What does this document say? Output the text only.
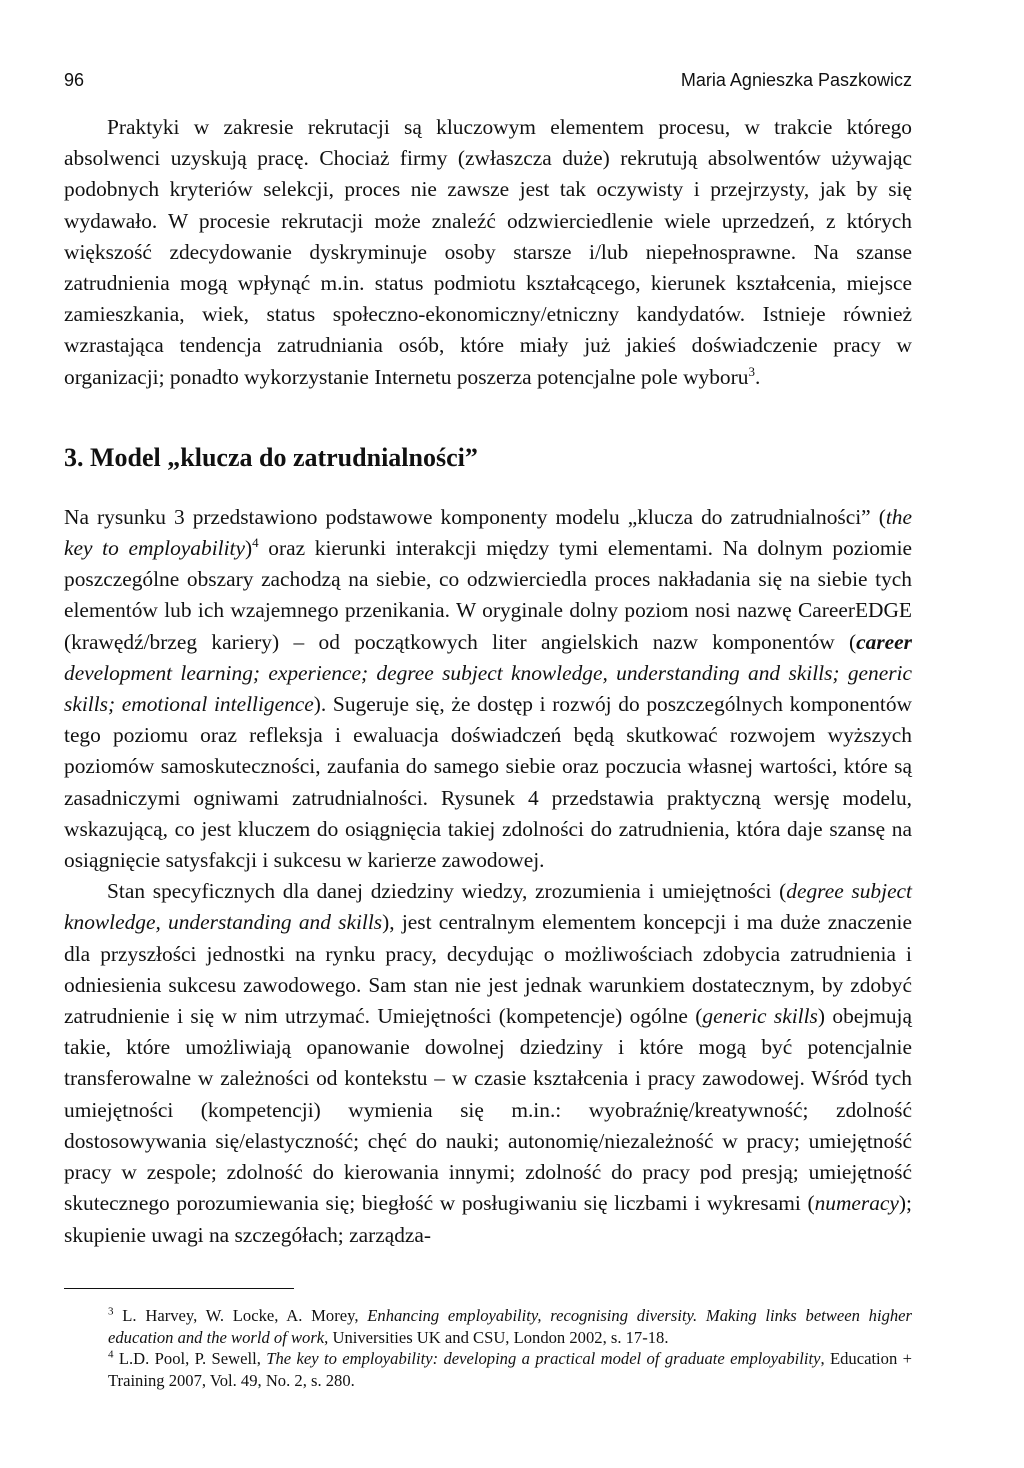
96	Maria Agnieszka Paszkowicz

Praktyki w zakresie rekrutacji są kluczowym elementem procesu, w trakcie którego absolwenci uzyskują pracę. Chociaż firmy (zwłaszcza duże) rekrutują absolwentów używając podobnych kryteriów selekcji, proces nie zawsze jest tak oczywisty i przejrzysty, jak by się wydawało. W procesie rekrutacji może znaleźć odzwierciedlenie wiele uprzedzeń, z których większość zdecydowanie dyskryminuje osoby starsze i/lub niepełnosprawne. Na szanse zatrudnienia mogą wpłynąć m.in. status podmiotu kształcącego, kierunek kształcenia, miejsce zamieszkania, wiek, status społeczno-ekonomiczny/etniczny kandydatów. Istnieje również wzrastająca tendencja zatrudniania osób, które miały już jakieś doświadczenie pracy w organizacji; ponadto wykorzystanie Internetu poszerza potencjalne pole wyboru$^3$.

3. Model „klucza do zatrudnialności”

Na rysunku 3 przedstawiono podstawowe komponenty modelu „klucza do zatrudnialności” (the key to employability)$^4$ oraz kierunki interakcji między tymi elementami. Na dolnym poziomie poszczególne obszary zachodzą na siebie, co odzwierciedla proces nakładania się na siebie tych elementów lub ich wzajemnego przenikania. W oryginale dolny poziom nosi nazwę CareerEDGE (krawędź/brzeg kariery) – od początkowych liter angielskich nazw komponentów (career development learning; experience; degree subject knowledge, understanding and skills; generic skills; emotional intelligence). Sugeruje się, że dostęp i rozwój do poszczególnych komponentów tego poziomu oraz refleksja i ewaluacja doświadczeń będą skutkować rozwojem wyższych poziomów samoskuteczności, zaufania do samego siebie oraz poczucia własnej wartości, które są zasadniczymi ogniwami zatrudnialności. Rysunek 4 przedstawia praktyczną wersję modelu, wskazującą, co jest kluczem do osiągnięcia takiej zdolności do zatrudnienia, która daje szansę na osiągnięcie satysfakcji i sukcesu w karierze zawodowej.

Stan specyficznych dla danej dziedziny wiedzy, zrozumienia i umiejętności (degree subject knowledge, understanding and skills), jest centralnym elementem koncepcji i ma duże znaczenie dla przyszłości jednostki na rynku pracy, decydując o możliwościach zdobycia zatrudnienia i odniesienia sukcesu zawodowego. Sam stan nie jest jednak warunkiem dostatecznym, by zdobyć zatrudnienie i się w nim utrzymać. Umiejętności (kompetencje) ogólne (generic skills) obejmują takie, które umożliwiają opanowanie dowolnej dziedziny i które mogą być potencjalnie transferowalne w zależności od kontekstu – w czasie kształcenia i pracy zawodowej. Wśród tych umiejętności (kompetencji) wymienia się m.in.: wyobraźnię/kreatywność; zdolność dostosowywania się/elastyczność; chęć do nauki; autonomię/niezależność w pracy; umiejętność pracy w zespole; zdolność do kierowania innymi; zdolność do pracy pod presją; umiejętność skutecznego porozumiewania się; biegłość w posługiwaniu się liczbami i wykresami (numeracy); skupienie uwagi na szczegółach; zarządza-

$^3$ L. Harvey, W. Locke, A. Morey, Enhancing employability, recognising diversity. Making links between higher education and the world of work, Universities UK and CSU, London 2002, s. 17-18.

$^4$ L.D. Pool, P. Sewell, The key to employability: developing a practical model of graduate employability, Education + Training 2007, Vol. 49, No. 2, s. 280.
